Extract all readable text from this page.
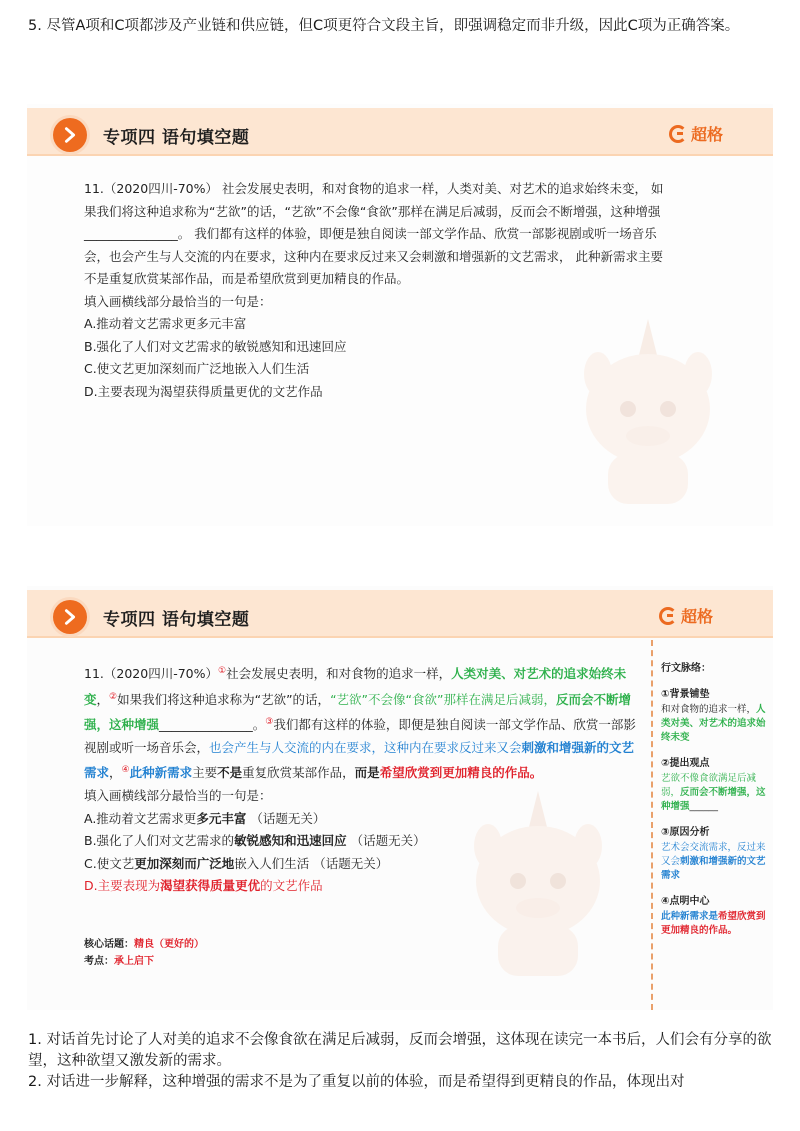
5. 尽管A项和C项都涉及产业链和供应链，但C项更符合文段主旨，即强调稳定而非升级，因此C项为正确答案。

专项四 语句填空题	超格
11.（2020四川-70%） 社会发展史表明，和对食物的追求一样，人类对美、对艺术的追求始终未变， 如果我们将这种追求称为“艺欲”的话，“艺欲”不会像“食欲”那样在满足后减弱，反而会不断增强，这种增强_______________。 我们都有这样的体验，即便是独自阅读一部文学作品、欣赏一部影视剧或听一场音乐会，也会产生与人交流的内在要求，这种内在要求反过来又会刺激和增强新的文艺需求， 此种新需求主要不是重复欣赏某部作品，而是希望欣赏到更加精良的作品。
填入画横线部分最恰当的一句是：
A.推动着文艺需求更多元丰富
B.强化了人们对文艺需求的敏锐感知和迅速回应
C.使文艺更加深刻而广泛地嵌入人们生活
D.主要表现为渴望获得质量更优的文艺作品
专项四 语句填空题	超格
11.（2020四川-70%）①社会发展史表明，和对食物的追求一样，人类对美、对艺术的追求始终未变，②如果我们将这种追求称为“艺欲”的话，“艺欲”不会像“食欲”那样在满足后减弱，反而会不断增强，这种增强_______________。③我们都有这样的体验，即便是独自阅读一部文学作品、欣赏一部影视剧或听一场音乐会，也会产生与人交流的内在要求，这种内在要求反过来又会刺激和增强新的文艺需求，④此种新需求主要不是重复欣赏某部作品，而是希望欣赏到更加精良的作品。
填入画横线部分最恰当的一句是：
A.推动着文艺需求更多元丰富 （话题无关）
B.强化了人们对文艺需求的敏锐感知和迅速回应 （话题无关）
C.使文艺更加深刻而广泛地嵌入人们生活 （话题无关）
D.主要表现为渴望获得质量更优的文艺作品
核心话题：精良（更好的）
考点：承上启下
行文脉络：
①背景铺垫
和对食物的追求一样，人类对美、对艺术的追求始终未变
②提出观点
艺欲不像食欲满足后减弱，反而会不断增强，这种增强______
③原因分析
艺术会交流需求，反过来又会刺激和增强新的文艺需求
④点明中心
此种新需求是希望欣赏到更加精良的作品。

1. 对话首先讨论了人对美的追求不会像食欲在满足后减弱，反而会增强，这体现在读完一本书后，人们会有分享的欲望，这种欲望又激发新的需求。

2. 对话进一步解释，这种增强的需求不是为了重复以前的体验，而是希望得到更精良的作品，体现出对
